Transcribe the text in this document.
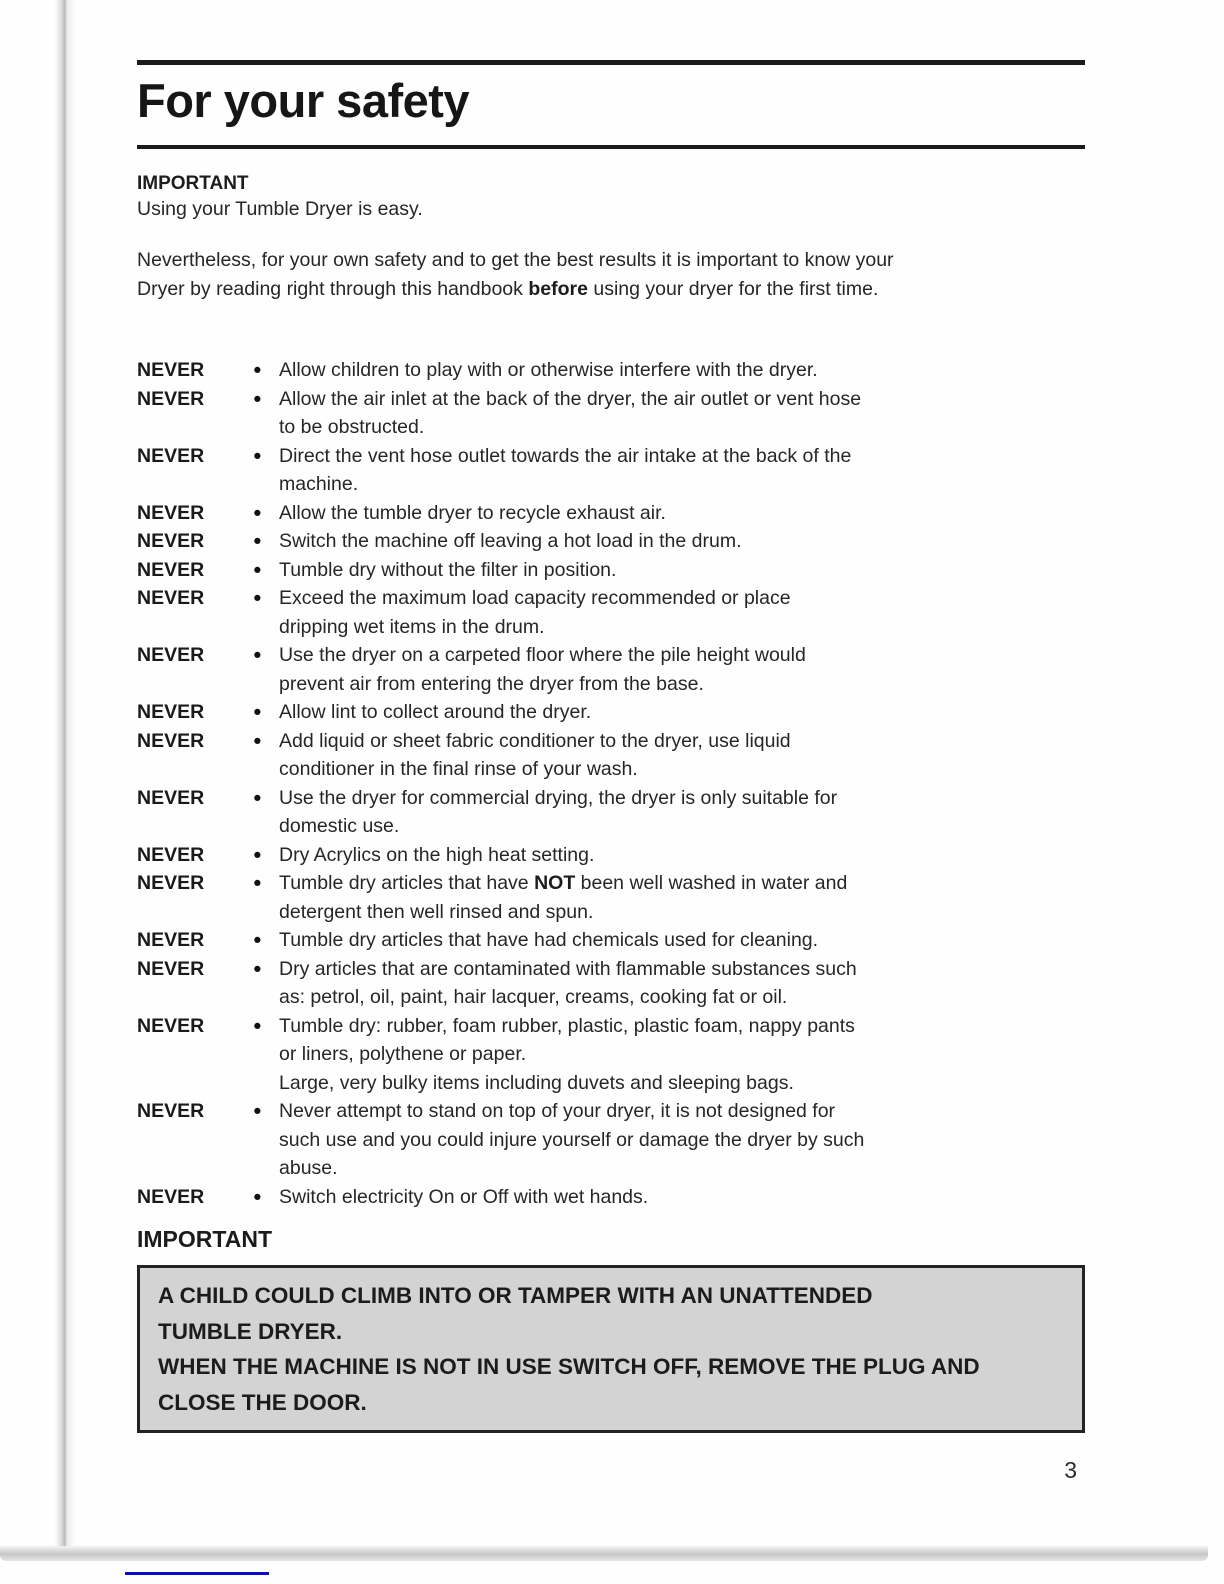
For your safety
IMPORTANT
Using your Tumble Dryer is easy.
Nevertheless, for your own safety and to get the best results it is important to know your
Dryer by reading right through this handbook before using your dryer for the first time.
NEVER	● Allow children to play with or otherwise interfere with the dryer.
NEVER	● Allow the air inlet at the back of the dryer, the air outlet or vent hose
to be obstructed.
NEVER	● Direct the vent hose outlet towards the air intake at the back of the
machine.
NEVER	● Allow the tumble dryer to recycle exhaust air.
NEVER	● Switch the machine off leaving a hot load in the drum.
NEVER	● Tumble dry without the filter in position.
NEVER	● Exceed the maximum load capacity recommended or place
dripping wet items in the drum.
NEVER	● Use the dryer on a carpeted floor where the pile height would
prevent air from entering the dryer from the base.
NEVER	● Allow lint to collect around the dryer.
NEVER	● Add liquid or sheet fabric conditioner to the dryer, use liquid
conditioner in the final rinse of your wash.
NEVER	● Use the dryer for commercial drying, the dryer is only suitable for
domestic use.
NEVER	● Dry Acrylics on the high heat setting.
NEVER	● Tumble dry articles that have NOT been well washed in water and
detergent then well rinsed and spun.
NEVER	● Tumble dry articles that have had chemicals used for cleaning.
NEVER	● Dry articles that are contaminated with flammable substances such
as: petrol, oil, paint, hair lacquer, creams, cooking fat or oil.
NEVER	● Tumble dry: rubber, foam rubber, plastic, plastic foam, nappy pants
or liners, polythene or paper.
Large, very bulky items including duvets and sleeping bags.
NEVER	● Never attempt to stand on top of your dryer, it is not designed for
such use and you could injure yourself or damage the dryer by such
abuse.
NEVER	● Switch electricity On or Off with wet hands.
IMPORTANT
A CHILD COULD CLIMB INTO OR TAMPER WITH AN UNATTENDED
TUMBLE DRYER.
WHEN THE MACHINE IS NOT IN USE SWITCH OFF, REMOVE THE PLUG AND
CLOSE THE DOOR.
3
